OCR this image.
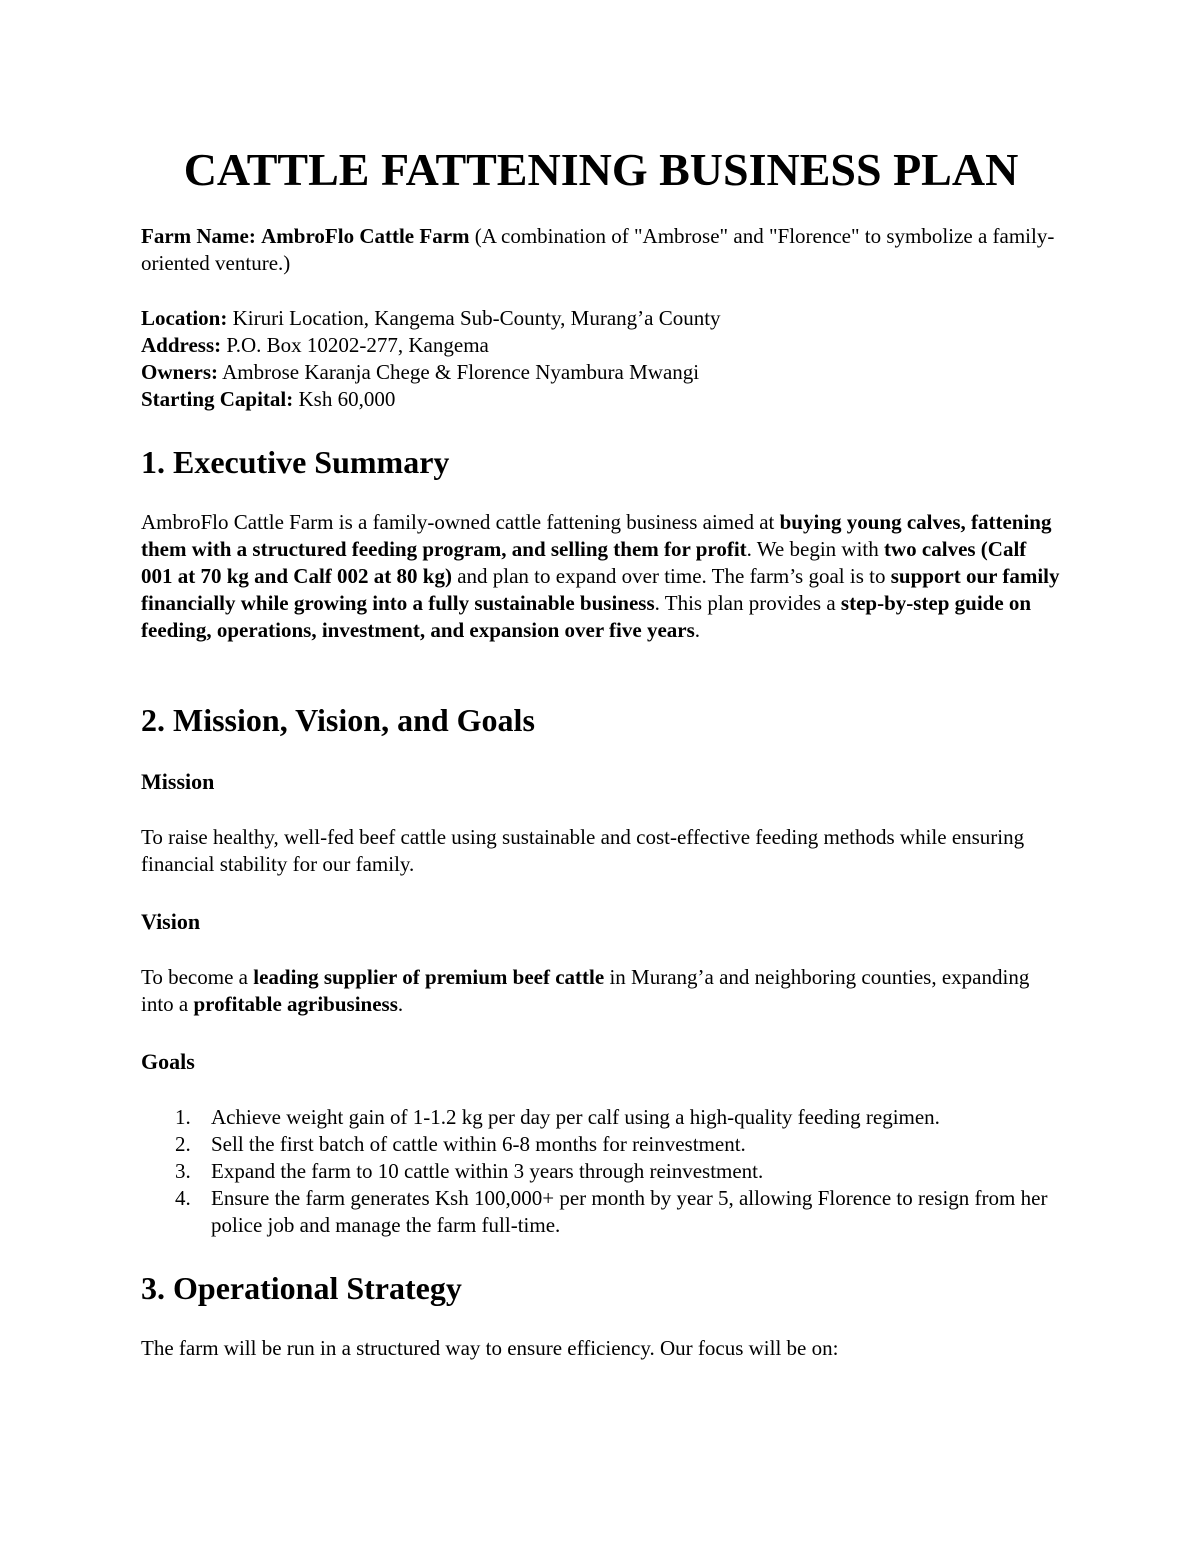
CATTLE FATTENING BUSINESS PLAN

Farm Name: AmbroFlo Cattle Farm (A combination of "Ambrose" and "Florence" to symbolize a family-oriented venture.)

Location: Kiruri Location, Kangema Sub-County, Murang’a County

Address: P.O. Box 10202-277, Kangema

Owners: Ambrose Karanja Chege & Florence Nyambura Mwangi

Starting Capital: Ksh 60,000

1. Executive Summary

AmbroFlo Cattle Farm is a family-owned cattle fattening business aimed at buying young calves, fattening them with a structured feeding program, and selling them for profit. We begin with two calves (Calf 001 at 70 kg and Calf 002 at 80 kg) and plan to expand over time. The farm’s goal is to support our family financially while growing into a fully sustainable business. This plan provides a step-by-step guide on feeding, operations, investment, and expansion over five years.

2. Mission, Vision, and Goals
Mission

To raise healthy, well-fed beef cattle using sustainable and cost-effective feeding methods while ensuring financial stability for our family.

Vision

To become a leading supplier of premium beef cattle in Murang’a and neighboring counties, expanding into a profitable agribusiness.

Goals
1. Achieve weight gain of 1-1.2 kg per day per calf using a high-quality feeding regimen.
2. Sell the first batch of cattle within 6-8 months for reinvestment.
3. Expand the farm to 10 cattle within 3 years through reinvestment.
4. Ensure the farm generates Ksh 100,000+ per month by year 5, allowing Florence to resign from her police job and manage the farm full-time.
3. Operational Strategy

The farm will be run in a structured way to ensure efficiency. Our focus will be on:
